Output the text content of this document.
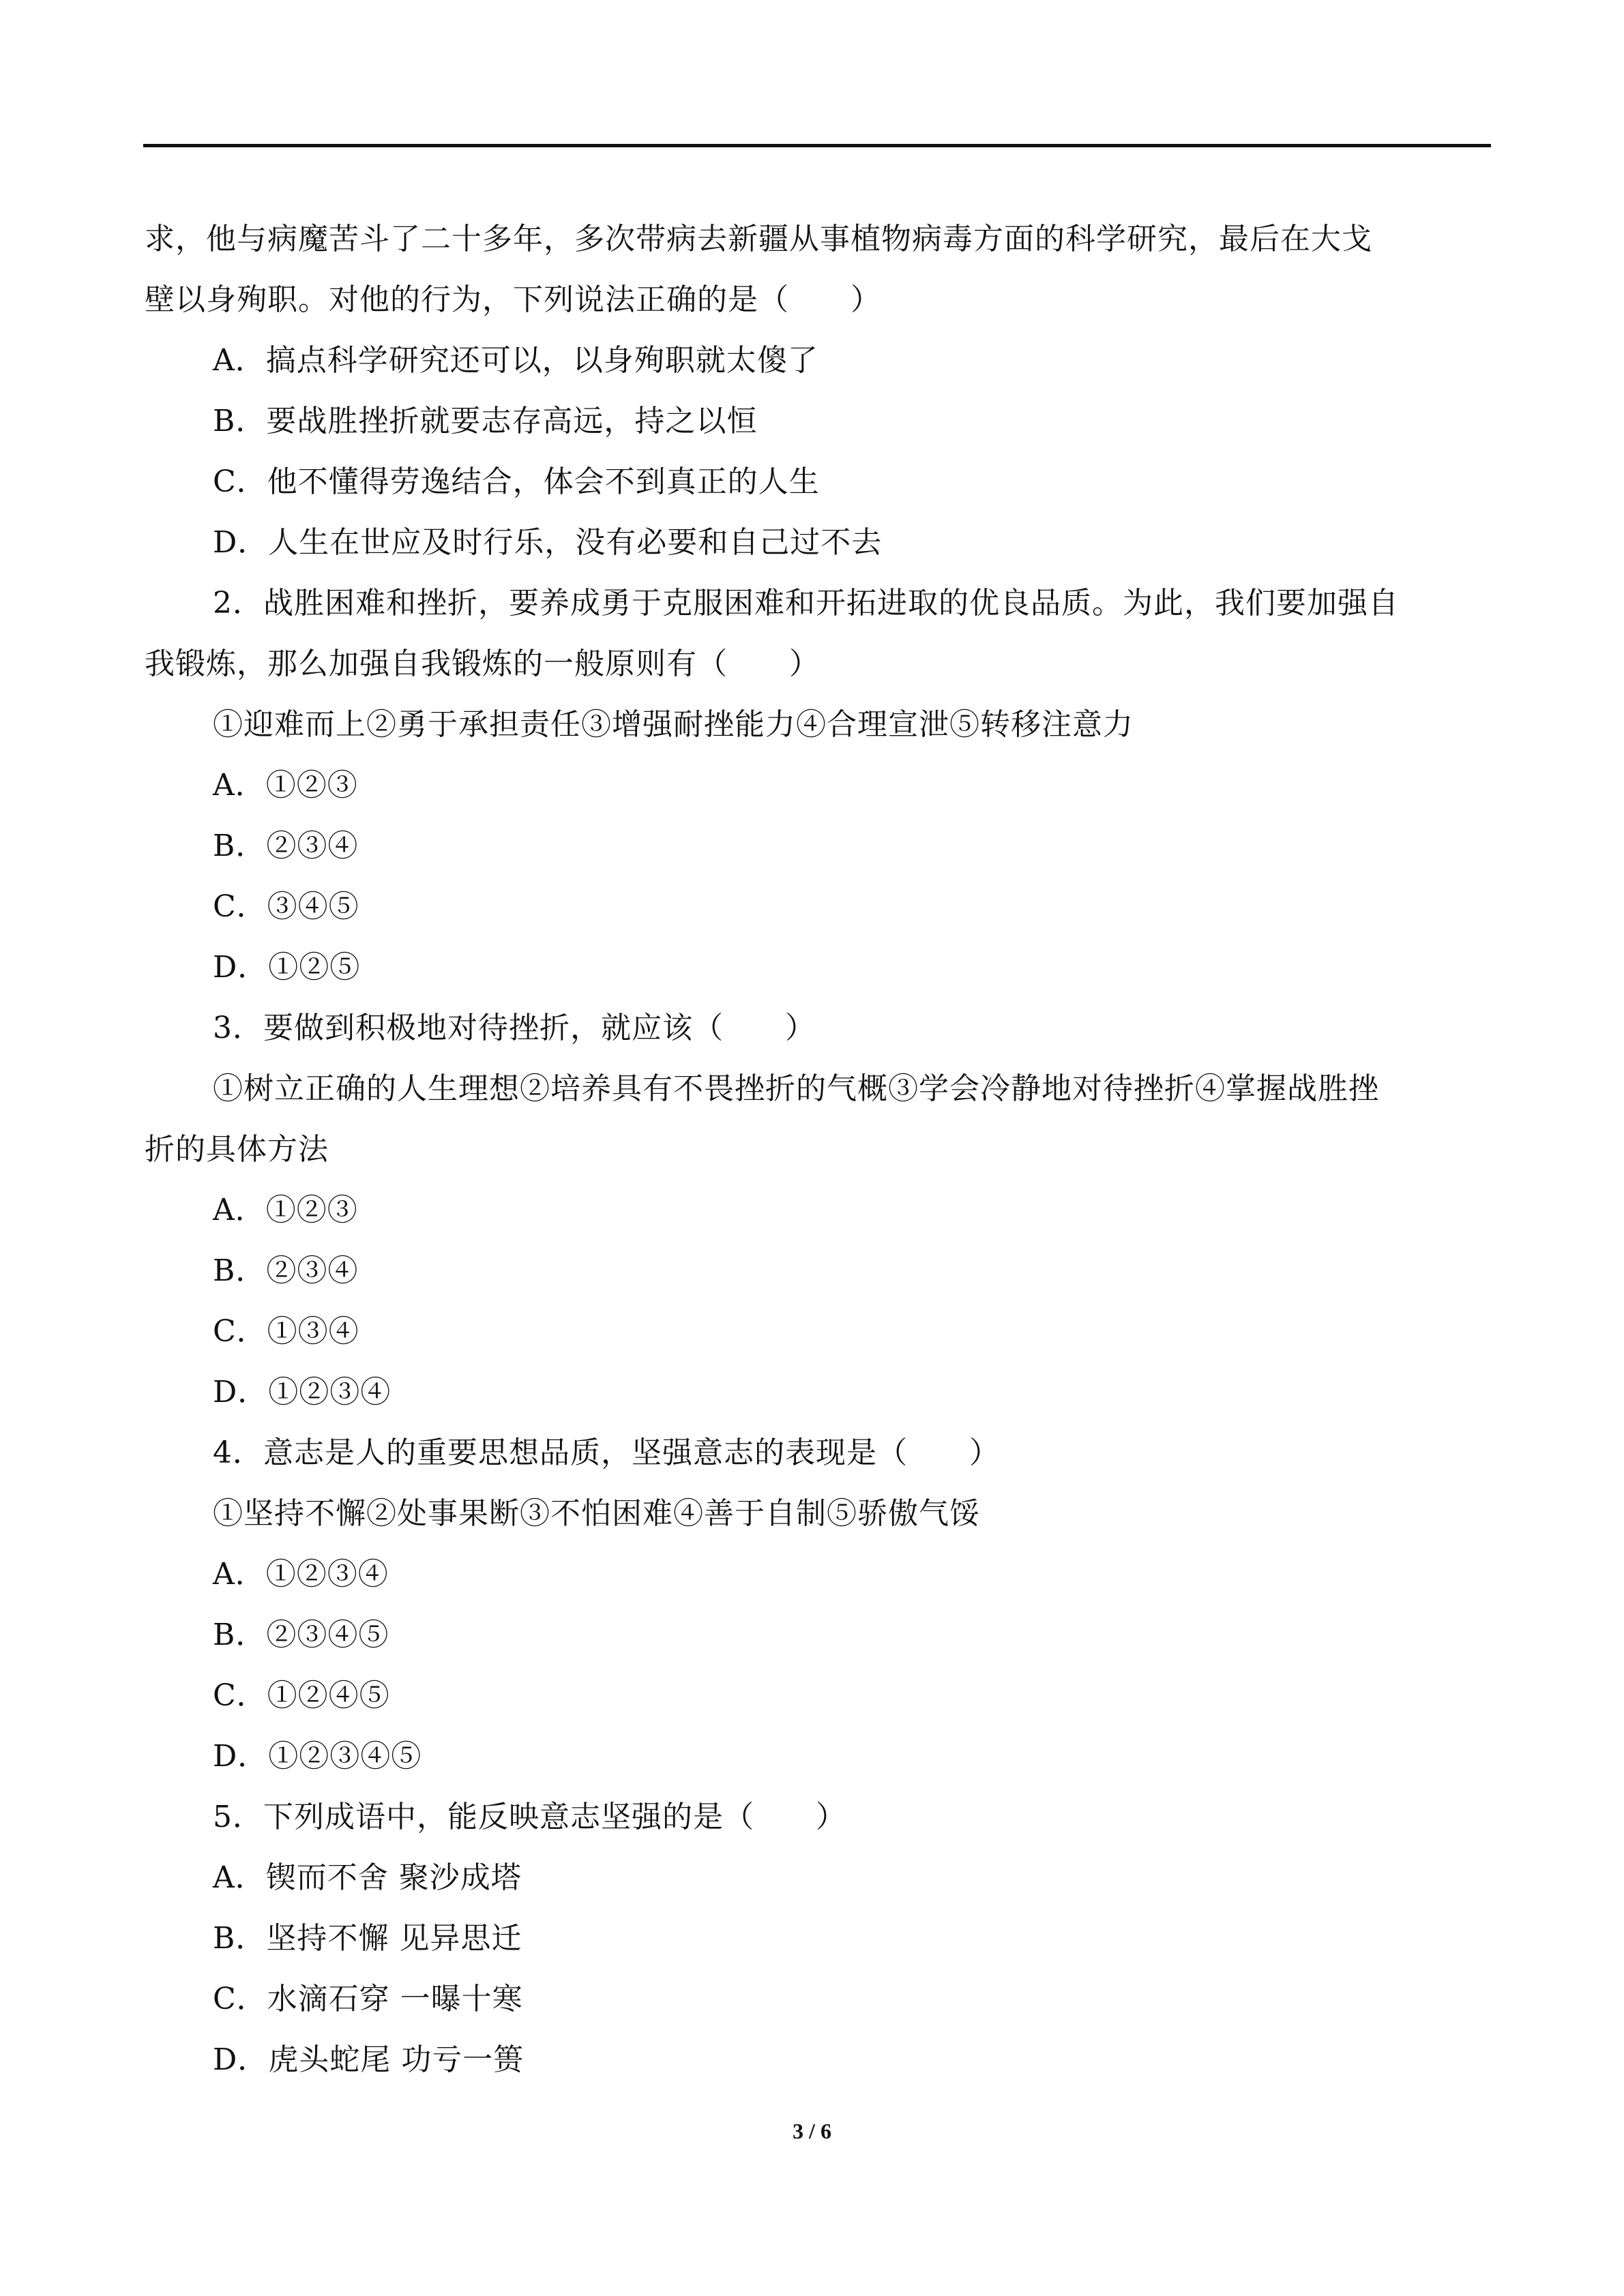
求，他与病魔苦斗了二十多年，多次带病去新疆从事植物病毒方面的科学研究，最后在大戈
壁以身殉职。对他的行为，下列说法正确的是（　　）
A．搞点科学研究还可以，以身殉职就太傻了
B．要战胜挫折就要志存高远，持之以恒
C．他不懂得劳逸结合，体会不到真正的人生
D．人生在世应及时行乐，没有必要和自己过不去
2．战胜困难和挫折，要养成勇于克服困难和开拓进取的优良品质。为此，我们要加强自
我锻炼，那么加强自我锻炼的一般原则有（　　）
①迎难而上②勇于承担责任③增强耐挫能力④合理宣泄⑤转移注意力
A．①②③
B．②③④
C．③④⑤
D．①②⑤
3．要做到积极地对待挫折，就应该（　　）
①树立正确的人生理想②培养具有不畏挫折的气概③学会冷静地对待挫折④掌握战胜挫
折的具体方法
A．①②③
B．②③④
C．①③④
D．①②③④
4．意志是人的重要思想品质，坚强意志的表现是（　　）
①坚持不懈②处事果断③不怕困难④善于自制⑤骄傲气馁
A．①②③④
B．②③④⑤
C．①②④⑤
D．①②③④⑤
5．下列成语中，能反映意志坚强的是（　　）
A．锲而不舍 聚沙成塔
B．坚持不懈 见异思迁
C．水滴石穿 一曝十寒
D．虎头蛇尾 功亏一篑
3 / 6
